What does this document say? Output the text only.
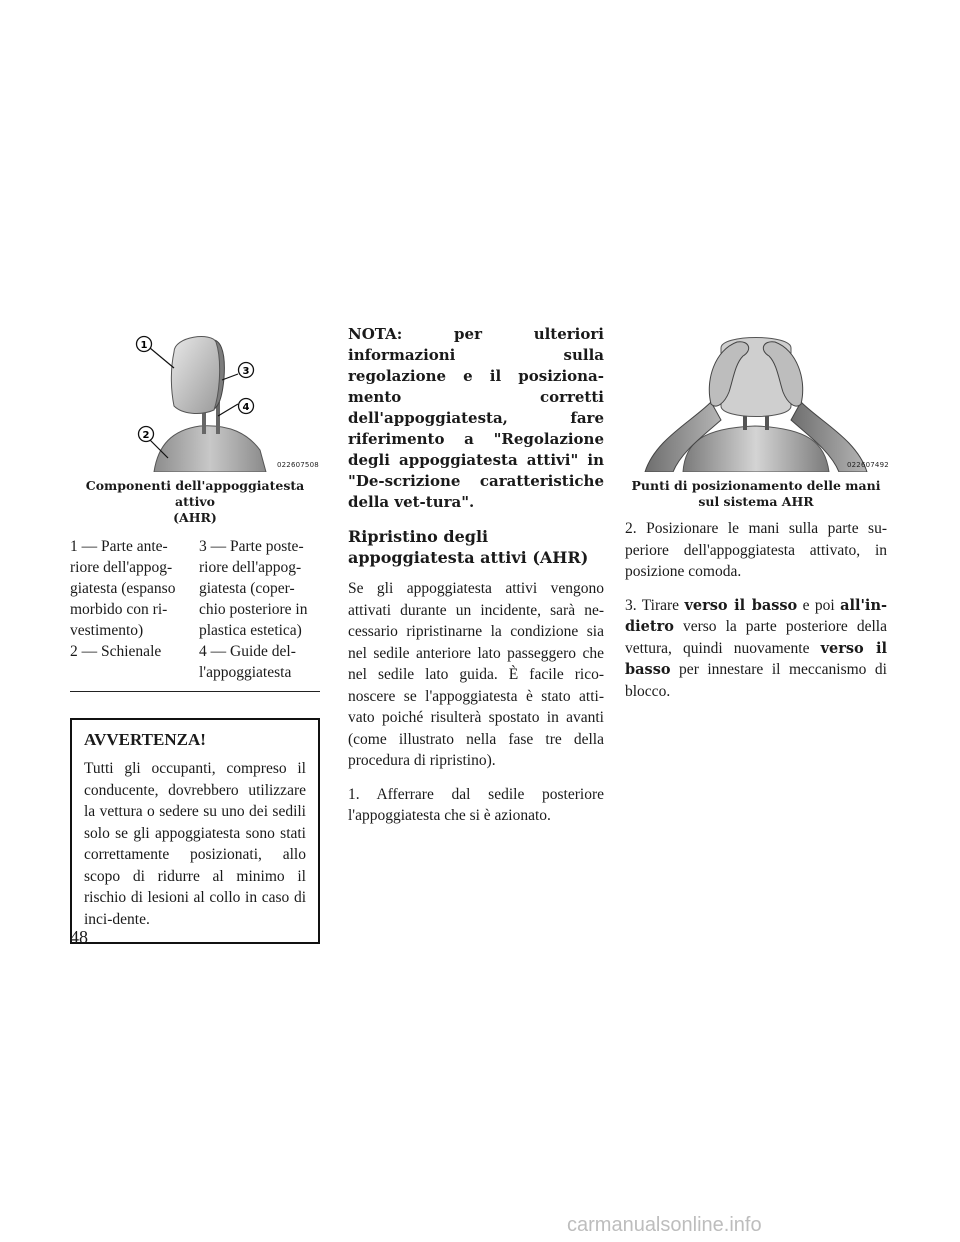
1
3
4
2
022607508
Componenti dell'appoggiatesta attivo
(AHR)
1 — Parte ante-
riore dell'appog-
giatesta (espanso
morbido con ri-
vestimento)
3 — Parte poste-
riore dell'appog-
giatesta (coper-
chio posteriore in
plastica estetica)
2 — Schienale	4 — Guide del-
l'appoggiatesta
AVVERTENZA!

Tutti gli occupanti, compreso il conducente, dovrebbero utilizzare la vettura o sedere su uno dei sedili solo se gli appoggiatesta sono stati correttamente posizionati, allo scopo di ridurre al minimo il rischio di lesioni al collo in caso di inci-dente.

NOTA: per ulteriori informazioni sulla regolazione e il posiziona-mento corretti dell'appoggiatesta, fare riferimento a "Regolazione degli appoggiatesta attivi" in "De-scrizione caratteristiche della vet-tura".

Ripristino degli appoggiatesta attivi (AHR)

Se gli appoggiatesta attivi vengono attivati durante un incidente, sarà ne-cessario ripristinarne la condizione sia nel sedile anteriore lato passeggero che nel sedile lato guida. È facile rico-noscere se l'appoggiatesta è stato atti-vato poiché risulterà spostato in avanti (come illustrato nella fase tre della procedura di ripristino).

1. Afferrare dal sedile posteriore l'appoggiatesta che si è azionato.

022607492
Punti di posizionamento delle mani
sul sistema AHR

2. Posizionare le mani sulla parte su-periore dell'appoggiatesta attivato, in posizione comoda.

3. Tirare verso il basso e poi all'in-dietro verso la parte posteriore della vettura, quindi nuovamente verso il basso per innestare il meccanismo di blocco.

48
carmanualsonline.info
